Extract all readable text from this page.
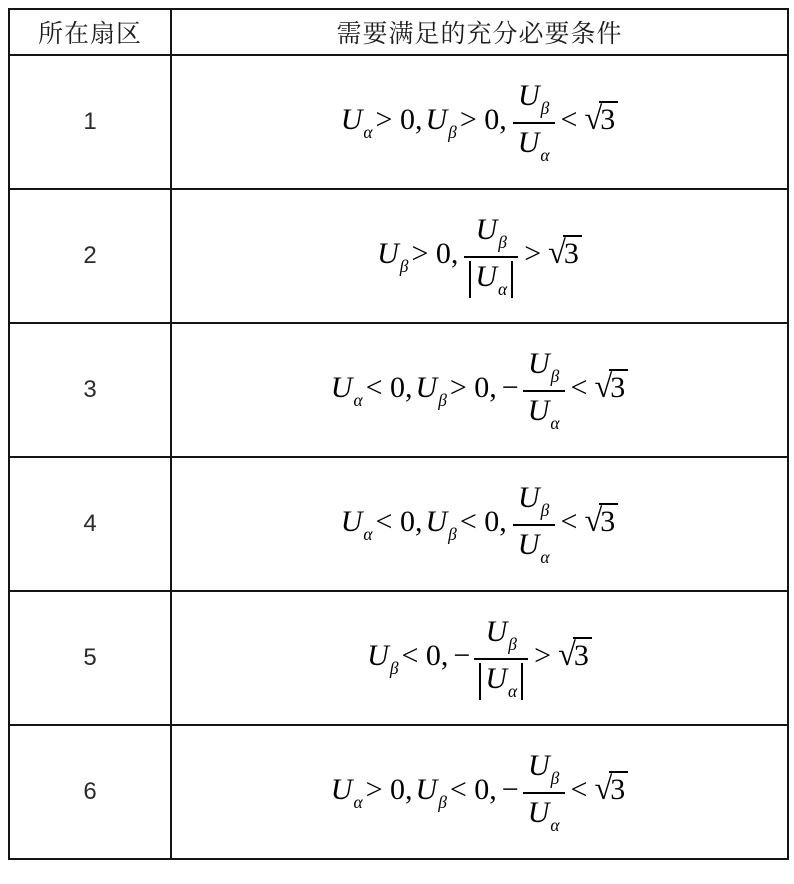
所在扇区	需要满足的充分必要条件
1	$U_\alpha > 0$, $U_\beta > 0$, $\frac{U_\beta}{U_\alpha} < √3$
2	$U_\beta > 0$, $\frac{U_\beta}{U_\alpha} > √3$
3	$U_\alpha < 0$, $U_\beta > 0$, − $\frac{U_\beta}{U_\alpha} < √3$
4	$U_\alpha < 0$, $U_\beta < 0$, $\frac{U_\beta}{U_\alpha} < √3$
5	$U_\beta < 0$, − $\frac{U_\beta}{U_\alpha} > √3$
6	$U_\alpha > 0$, $U_\beta < 0$, − $\frac{U_\beta}{U_\alpha} < √3$
